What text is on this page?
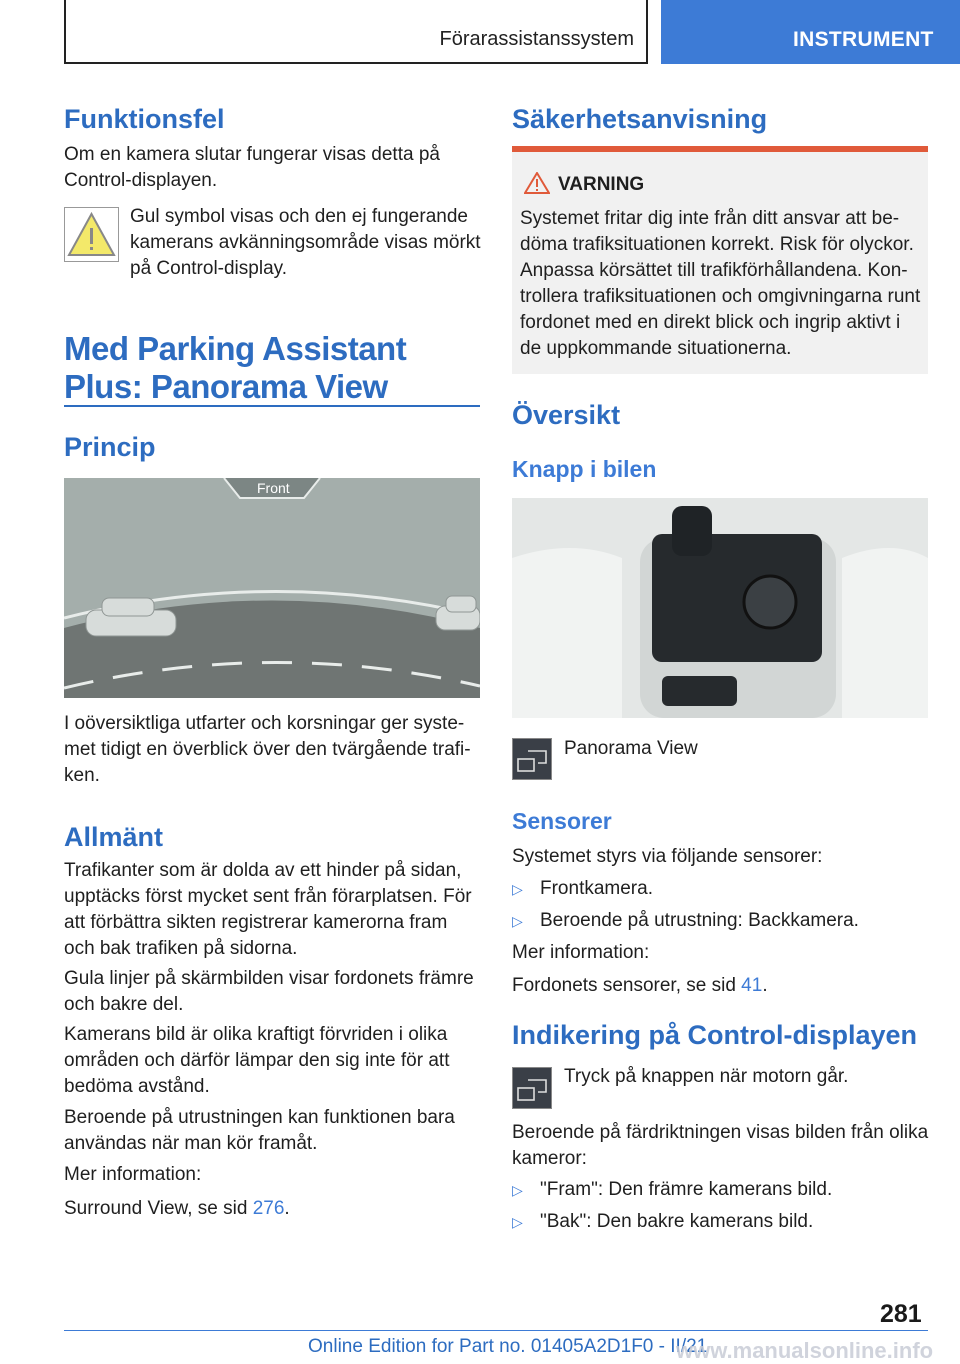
Förarassistanssystem	INSTRUMENT
Funktionsfel
Om en kamera slutar fungerar visas detta på
Control-displayen.
Gul symbol visas och den ej fungerande
kamerans avkänningsområde visas mörkt
på Control-display.
Med Parking Assistant
Plus: Panorama View
Princip
Front
I oöversiktliga utfarter och korsningar ger syste-
met tidigt en överblick över den tvärgående trafi-
ken.
Allmänt
Trafikanter som är dolda av ett hinder på sidan,
upptäcks först mycket sent från förarplatsen. För
att förbättra sikten registrerar kamerorna fram
och bak trafiken på sidorna.
Gula linjer på skärmbilden visar fordonets främre
och bakre del.
Kamerans bild är olika kraftigt förvriden i olika
områden och därför lämpar den sig inte för att
bedöma avstånd.
Beroende på utrustningen kan funktionen bara
användas när man kör framåt.
Mer information:
Surround View, se sid 276.
Säkerhetsanvisning
VARNING
Systemet fritar dig inte från ditt ansvar att be-
döma trafiksituationen korrekt. Risk för olyckor.
Anpassa körsättet till trafikförhållandena. Kon-
trollera trafiksituationen och omgivningarna runt
fordonet med en direkt blick och ingrip aktivt i
de uppkommande situationerna.
Översikt
Knapp i bilen
Panorama View
Sensorer
Systemet styrs via följande sensorer:
▷ Frontkamera.
▷ Beroende på utrustning: Backkamera.
Mer information:
Fordonets sensorer, se sid 41.
Indikering på Control-displayen
Tryck på knappen när motorn går.
Beroende på färdriktningen visas bilden från olika
kameror:
▷ "Fram": Den främre kamerans bild.
▷ "Bak": Den bakre kamerans bild.
281
Online Edition for Part no. 01405A2D1F0 - II/21
www.manualsonline.info
